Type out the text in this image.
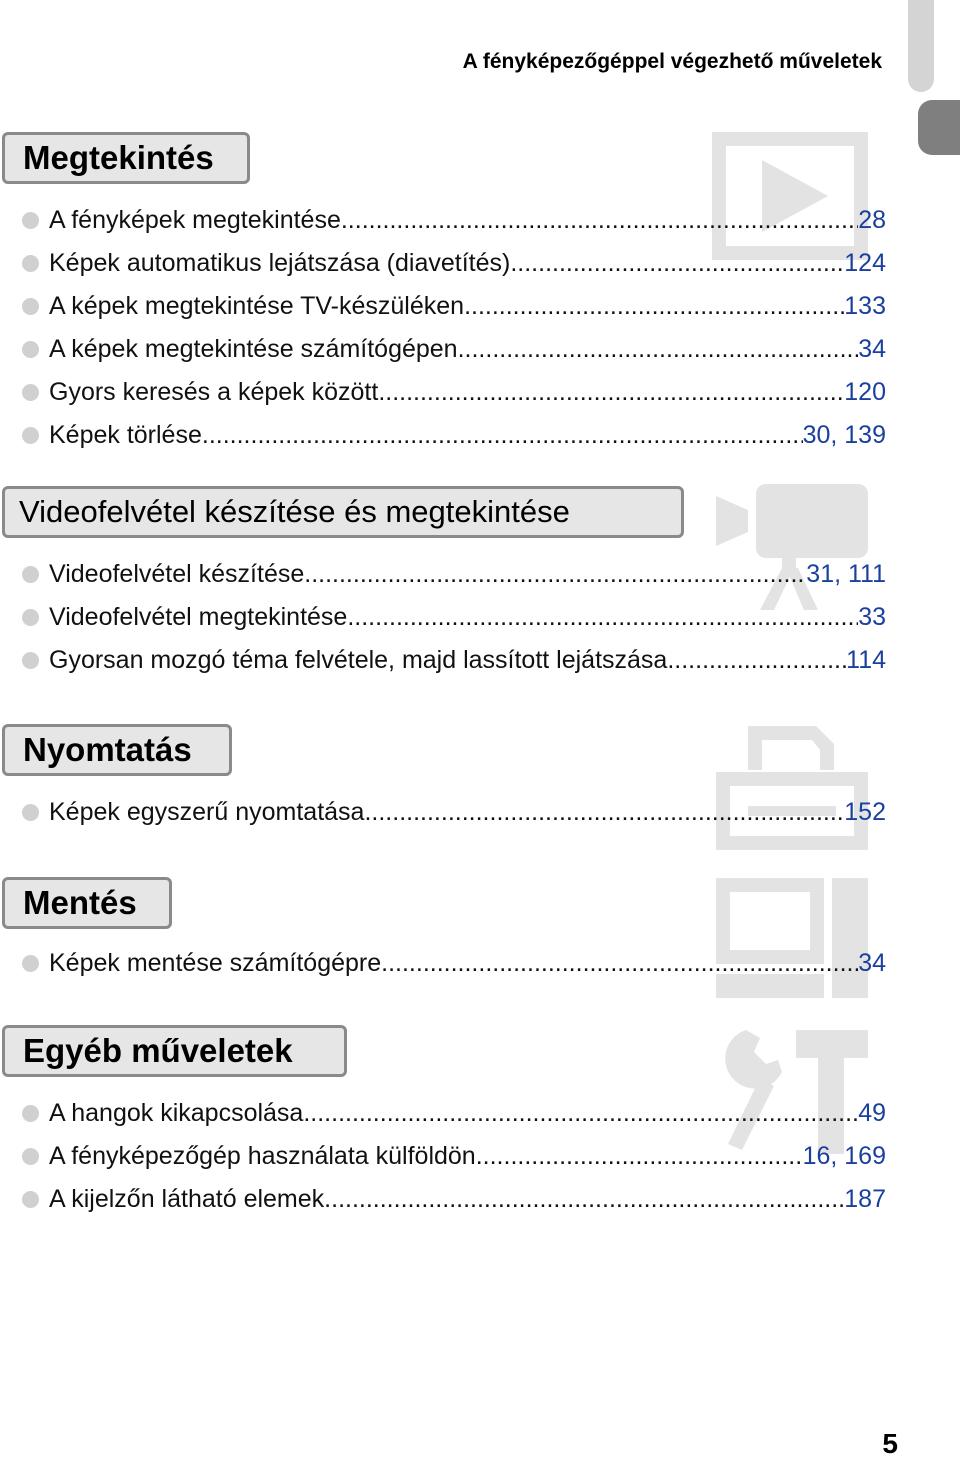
A fényképezőgéppel végezhető műveletek
Megtekintés
A fényképek megtekintése .....	28
Képek automatikus lejátszása (diavetítés) .....	124
A képek megtekintése TV-készüléken .....	133
A képek megtekintése számítógépen. .....	34
Gyors keresés a képek között .....	120
Képek törlése .....	30, 139
Videofelvétel készítése és megtekintése
Videofelvétel készítése .....	31, 111
Videofelvétel megtekintése .....	33
Gyorsan mozgó téma felvétele, majd lassított lejátszása .....	114
Nyomtatás
Képek egyszerű nyomtatása .....	152
Mentés
Képek mentése számítógépre .....	34
Egyéb műveletek
A hangok kikapcsolása .....	49
A fényképezőgép használata külföldön .....	16, 169
A kijelzőn látható elemek .....	187
5
